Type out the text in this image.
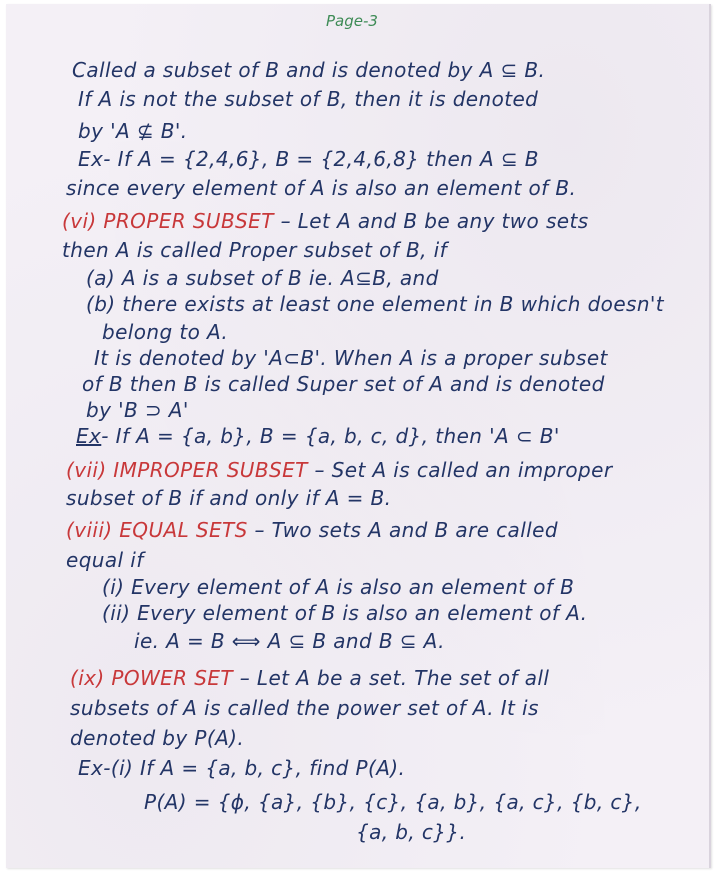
Page-3
Called a subset of B and is denoted by A ⊆ B.
If A is not the subset of B, then it is denoted
by 'A ⊈ B'.
Ex- If A = {2,4,6}, B = {2,4,6,8} then A ⊆ B
since every element of A is also an element of B.
(vi) PROPER SUBSET – Let A and B be any two sets
then A is called Proper subset of B, if
(a) A is a subset of B ie. A⊆B, and
(b) there exists at least one element in B which doesn't
belong to A.
It is denoted by 'A⊂B'. When A is a proper subset
of B then B is called Super set of A and is denoted
by 'B ⊃ A'
Ex- If A = {a, b}, B = {a, b, c, d}, then 'A ⊂ B'
(vii) IMPROPER SUBSET – Set A is called an improper
subset of B if and only if A = B.
(viii) EQUAL SETS – Two sets A and B are called
equal if
(i) Every element of A is also an element of B
(ii) Every element of B is also an element of A.
ie. A = B ⟺ A ⊆ B and B ⊆ A.
(ix) POWER SET – Let A be a set. The set of all
subsets of A is called the power set of A. It is
denoted by P(A).
Ex-(i) If A = {a, b, c}, find P(A).
P(A) = {ϕ, {a}, {b}, {c}, {a, b}, {a, c}, {b, c},
{a, b, c}}.
